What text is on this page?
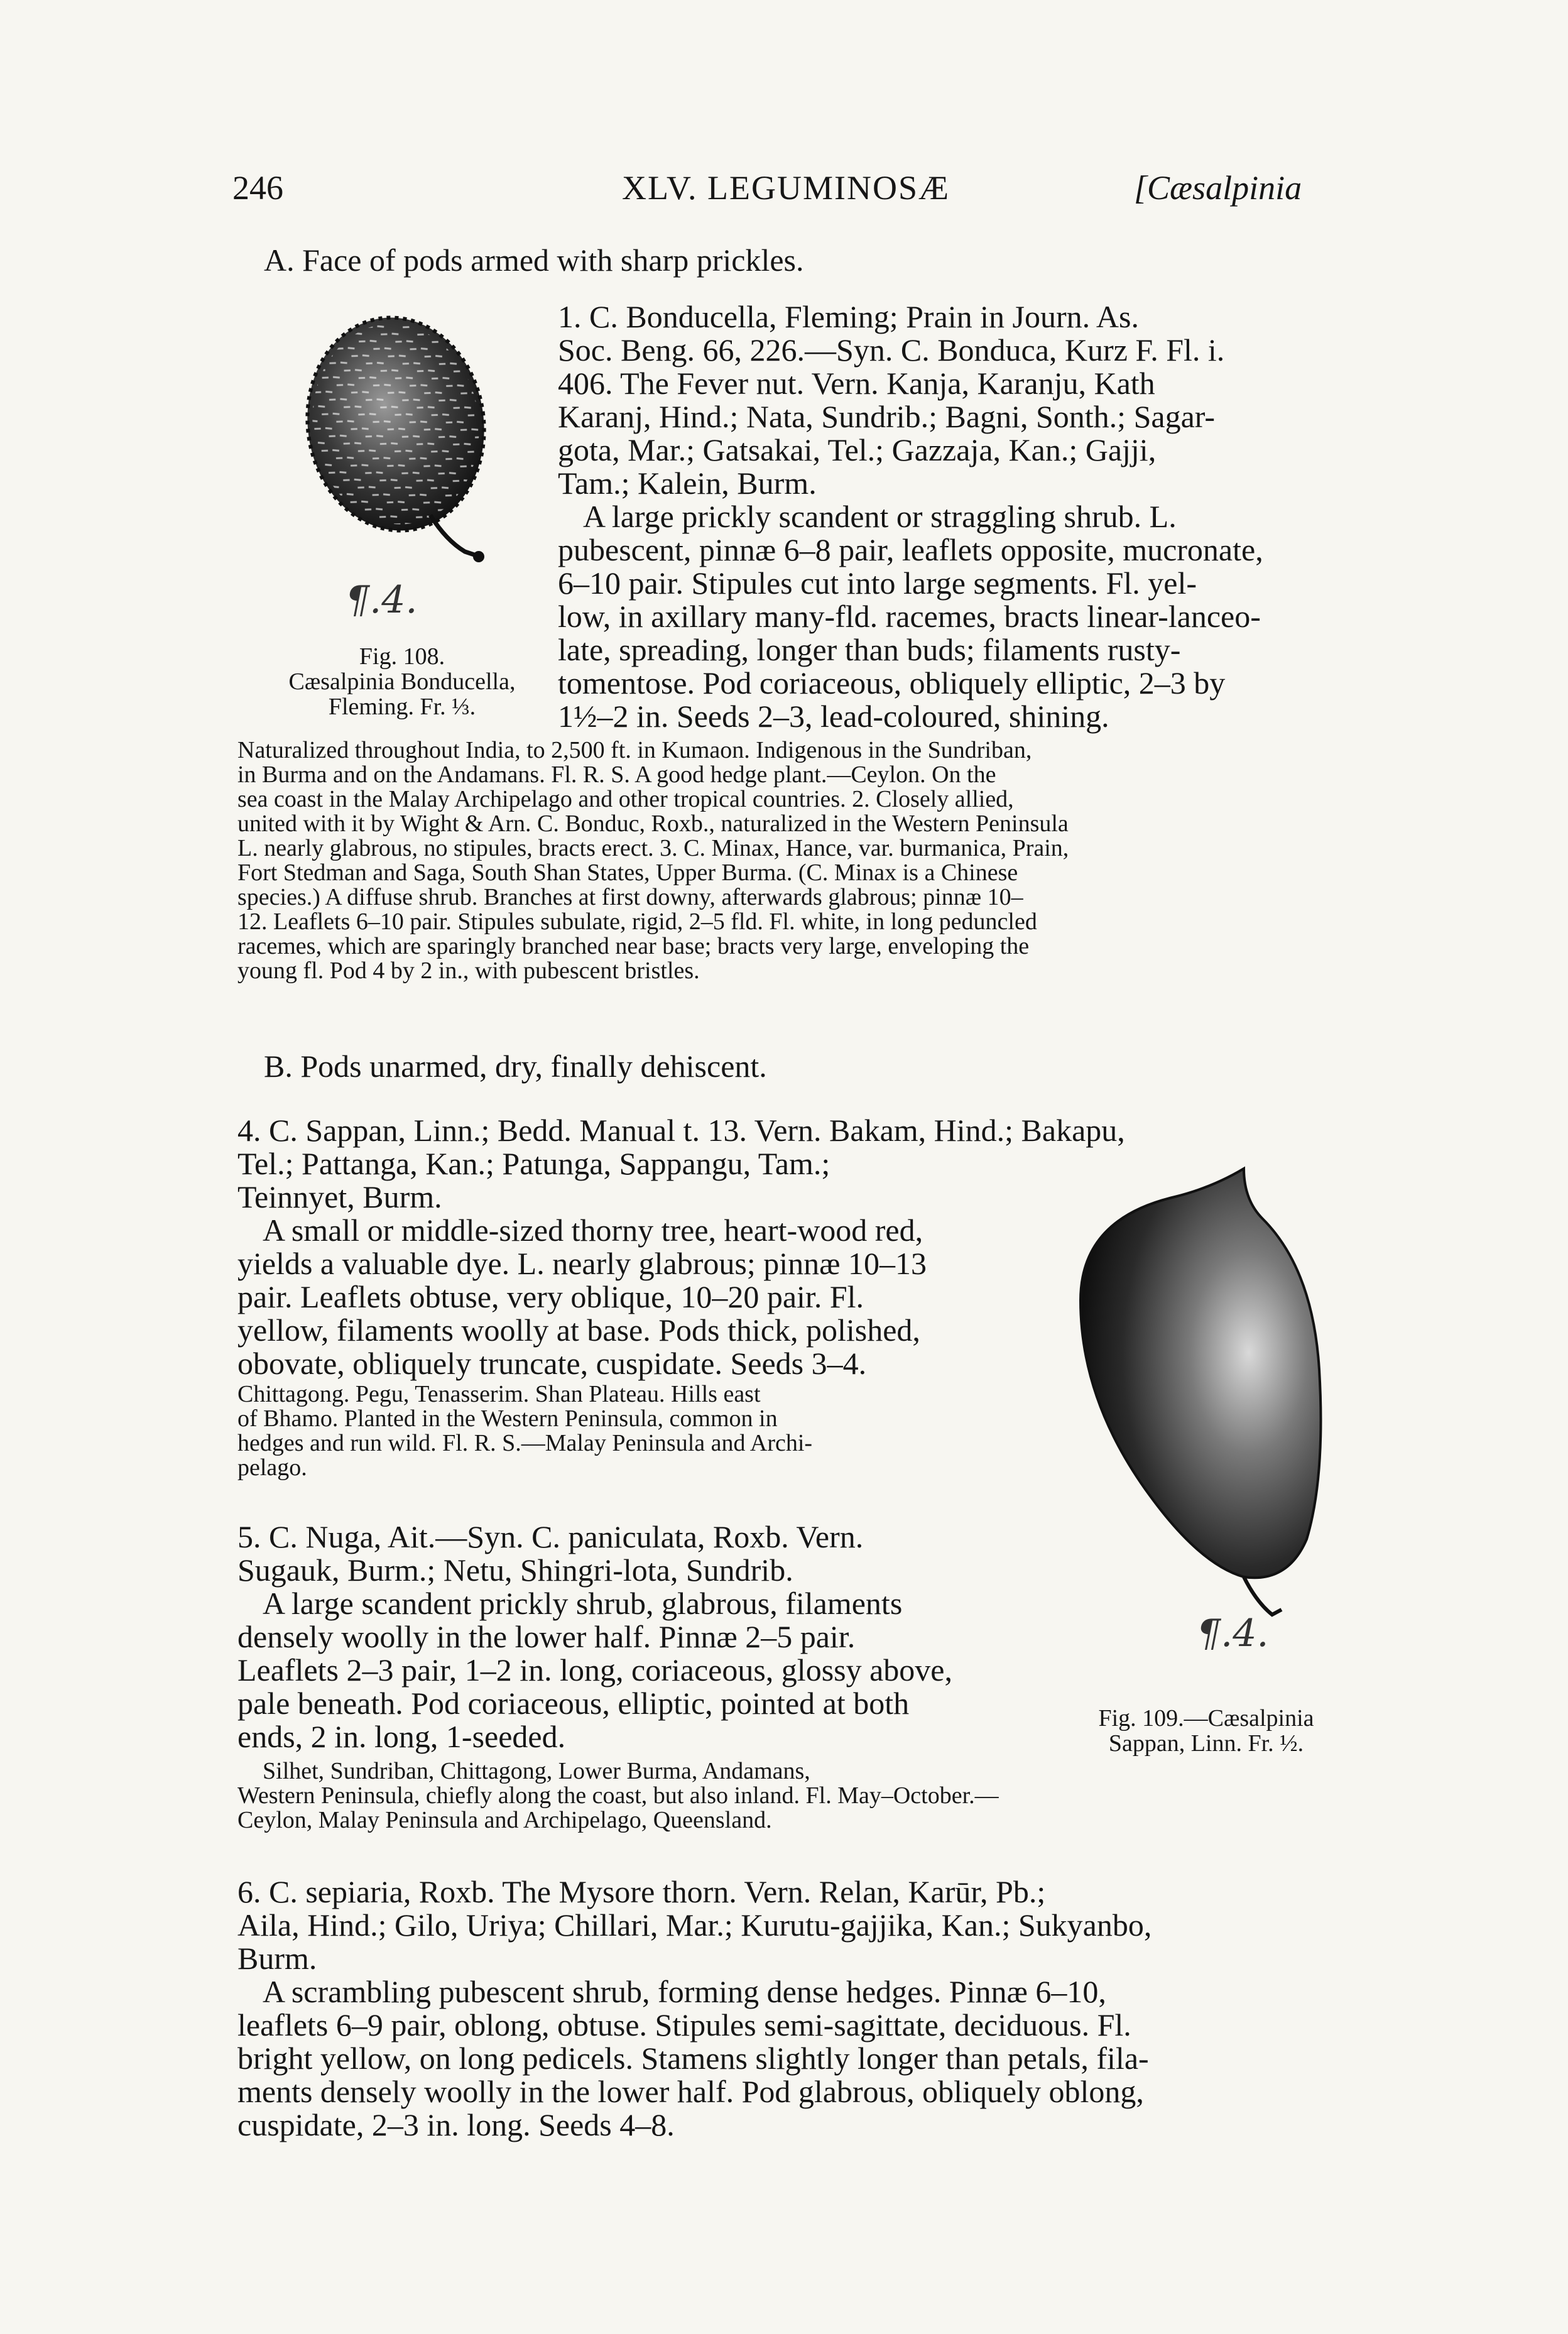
246	XLV. LEGUMINOSÆ	[Cæsalpinia
A. Face of pods armed with sharp prickles.
¶.4.
Fig. 108.
Cæsalpinia Bonducella,
Fleming. Fr. ⅓.
1. C. Bonducella, Fleming; Prain in Journ. As.
Soc. Beng. 66, 226.—Syn. C. Bonduca, Kurz F. Fl. i.
406. The Fever nut. Vern. Kanja, Karanju, Kath
Karanj, Hind.; Nata, Sundrib.; Bagni, Sonth.; Sagar-
gota, Mar.; Gatsakai, Tel.; Gazzaja, Kan.; Gajji,
Tam.; Kalein, Burm.
A large prickly scandent or straggling shrub. L.
pubescent, pinnæ 6–8 pair, leaflets opposite, mucronate,
6–10 pair. Stipules cut into large segments. Fl. yel-
low, in axillary many-fld. racemes, bracts linear-lanceo-
late, spreading, longer than buds; filaments rusty-
tomentose. Pod coriaceous, obliquely elliptic, 2–3 by
1½–2 in. Seeds 2–3, lead-coloured, shining.
Naturalized throughout India, to 2,500 ft. in Kumaon. Indigenous in the Sundriban,
in Burma and on the Andamans. Fl. R. S. A good hedge plant.—Ceylon. On the
sea coast in the Malay Archipelago and other tropical countries. 2. Closely allied,
united with it by Wight & Arn. C. Bonduc, Roxb., naturalized in the Western Peninsula
L. nearly glabrous, no stipules, bracts erect. 3. C. Minax, Hance, var. burmanica, Prain,
Fort Stedman and Saga, South Shan States, Upper Burma. (C. Minax is a Chinese
species.) A diffuse shrub. Branches at first downy, afterwards glabrous; pinnæ 10–
12. Leaflets 6–10 pair. Stipules subulate, rigid, 2–5 fld. Fl. white, in long peduncled
racemes, which are sparingly branched near base; bracts very large, enveloping the
young fl. Pod 4 by 2 in., with pubescent bristles.
B. Pods unarmed, dry, finally dehiscent.
4. C. Sappan, Linn.; Bedd. Manual t. 13. Vern. Bakam, Hind.; Bakapu,
Tel.; Pattanga, Kan.; Patunga, Sappangu, Tam.;
Teinnyet, Burm.
A small or middle-sized thorny tree, heart-wood red,
yields a valuable dye. L. nearly glabrous; pinnæ 10–13
pair. Leaflets obtuse, very oblique, 10–20 pair. Fl.
yellow, filaments woolly at base. Pods thick, polished,
obovate, obliquely truncate, cuspidate. Seeds 3–4.
Chittagong. Pegu, Tenasserim. Shan Plateau. Hills east
of Bhamo. Planted in the Western Peninsula, common in
hedges and run wild. Fl. R. S.—Malay Peninsula and Archi-
pelago.
¶.4.
Fig. 109.—Cæsalpinia
Sappan, Linn. Fr. ½.
5. C. Nuga, Ait.—Syn. C. paniculata, Roxb. Vern.
Sugauk, Burm.; Netu, Shingri-lota, Sundrib.
A large scandent prickly shrub, glabrous, filaments
densely woolly in the lower half. Pinnæ 2–5 pair.
Leaflets 2–3 pair, 1–2 in. long, coriaceous, glossy above,
pale beneath. Pod coriaceous, elliptic, pointed at both
ends, 2 in. long, 1-seeded.
Silhet, Sundriban, Chittagong, Lower Burma, Andamans,
Western Peninsula, chiefly along the coast, but also inland. Fl. May–October.—
Ceylon, Malay Peninsula and Archipelago, Queensland.
6. C. sepiaria, Roxb. The Mysore thorn. Vern. Relan, Karūr, Pb.;
Aila, Hind.; Gilo, Uriya; Chillari, Mar.; Kurutu-gajjika, Kan.; Sukyanbo,
Burm.
A scrambling pubescent shrub, forming dense hedges. Pinnæ 6–10,
leaflets 6–9 pair, oblong, obtuse. Stipules semi-sagittate, deciduous. Fl.
bright yellow, on long pedicels. Stamens slightly longer than petals, fila-
ments densely woolly in the lower half. Pod glabrous, obliquely oblong,
cuspidate, 2–3 in. long. Seeds 4–8.
